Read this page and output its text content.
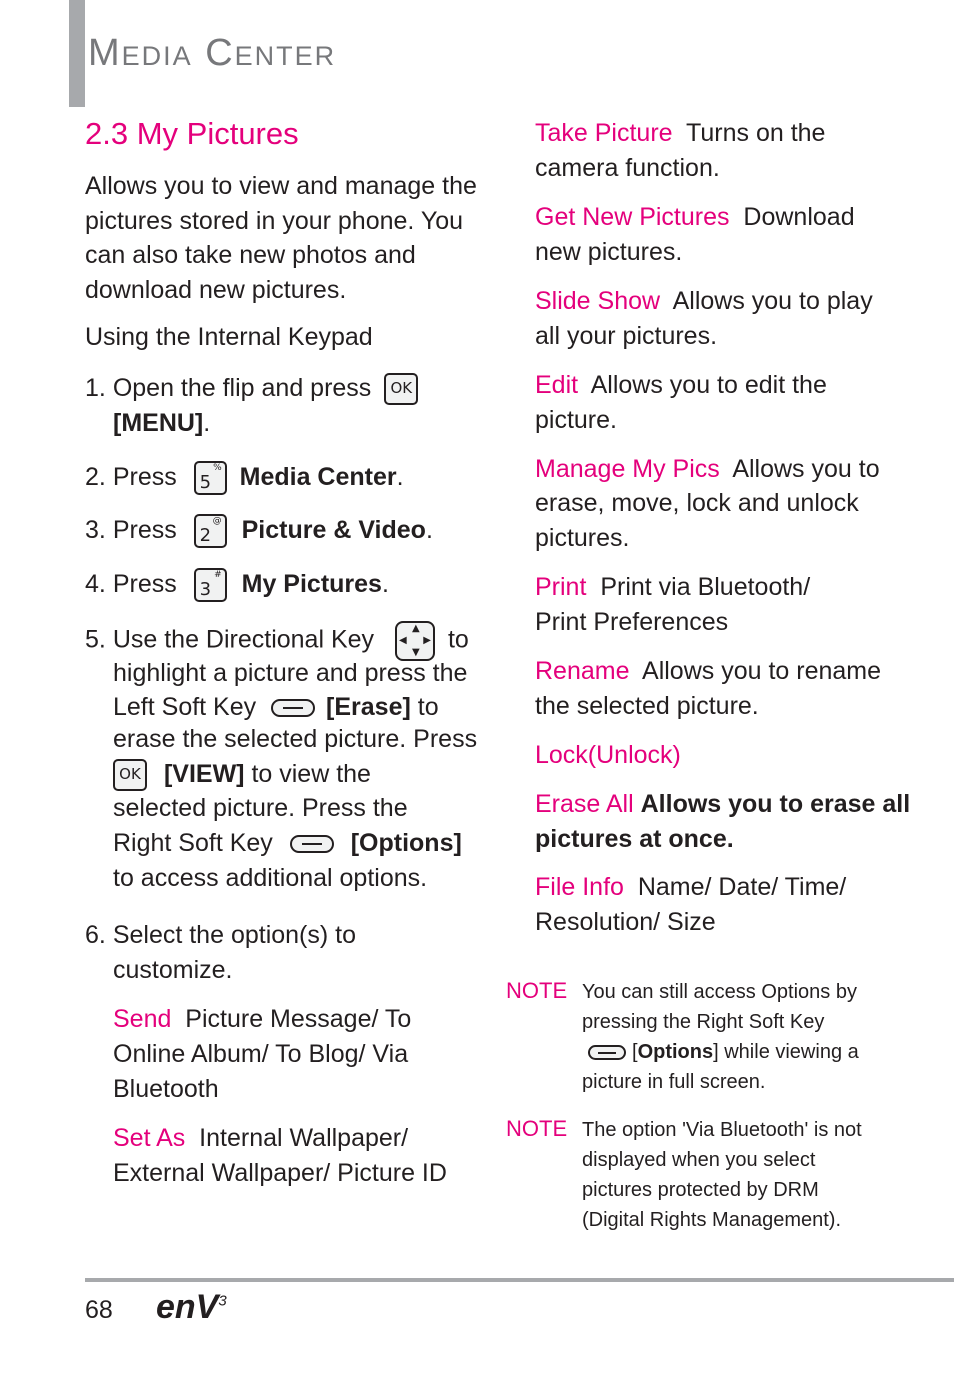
Media Center
2.3 My Pictures
Allows you to view and manage the
pictures stored in your phone. You
can also take new photos and
download new pictures.
Using the Internal Keypad
1. Open the flip and press OK
[MENU].
2. Press 5
% Media Center.
3. Press 2
@ Picture & Video.
4. Press 3
# My Pictures.
5. Use the Directional Key	▲
▼
◀ ▶ to
highlight a picture and press the
Left Soft Key	[Erase] to
erase the selected picture. Press
OK [VIEW] to view the
selected picture. Press the
Right Soft Key	[Options]
to access additional options.
6. Select the option(s) to
customize.
Send Picture Message/ To
Online Album/ To Blog/ Via
Bluetooth
Set As Internal Wallpaper/
External Wallpaper/ Picture ID
Take Picture Turns on the
camera function.
Get New Pictures Download
new pictures.
Slide Show Allows you to play
all your pictures.
Edit Allows you to edit the
picture.
Manage My Pics Allows you to
erase, move, lock and unlock
pictures.
Print Print via Bluetooth/
Print Preferences
Rename Allows you to rename
the selected picture.
Lock(Unlock)
Erase All Allows you to erase all
pictures at once.
File Info Name/ Date/ Time/
Resolution/ Size
NOTE You can still access Options by
pressing the Right Soft Key
[Options] while viewing a
picture in full screen.
NOTE The option 'Via Bluetooth' is not
displayed when you select
pictures protected by DRM
(Digital Rights Management).
68 enV$^3$
